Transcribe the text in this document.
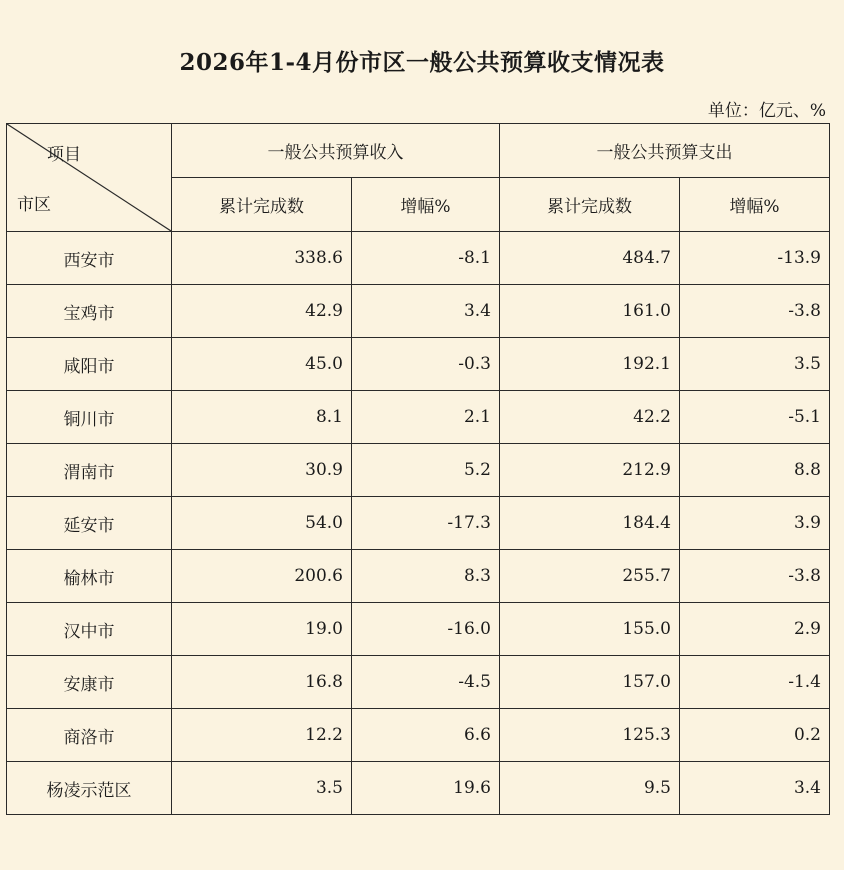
2026年1-4月份市区一般公共预算收支情况表
单位：亿元、%
项目
市区	一般公共预算收入		一般公共预算支出	
	累计完成数	增幅%	累计完成数	增幅%
西安市	338.6	-8.1	484.7	-13.9
宝鸡市	42.9	3.4	161.0	-3.8
咸阳市	45.0	-0.3	192.1	3.5
铜川市	8.1	2.1	42.2	-5.1
渭南市	30.9	5.2	212.9	8.8
延安市	54.0	-17.3	184.4	3.9
榆林市	200.6	8.3	255.7	-3.8
汉中市	19.0	-16.0	155.0	2.9
安康市	16.8	-4.5	157.0	-1.4
商洛市	12.2	6.6	125.3	0.2
杨凌示范区	3.5	19.6	9.5	3.4
